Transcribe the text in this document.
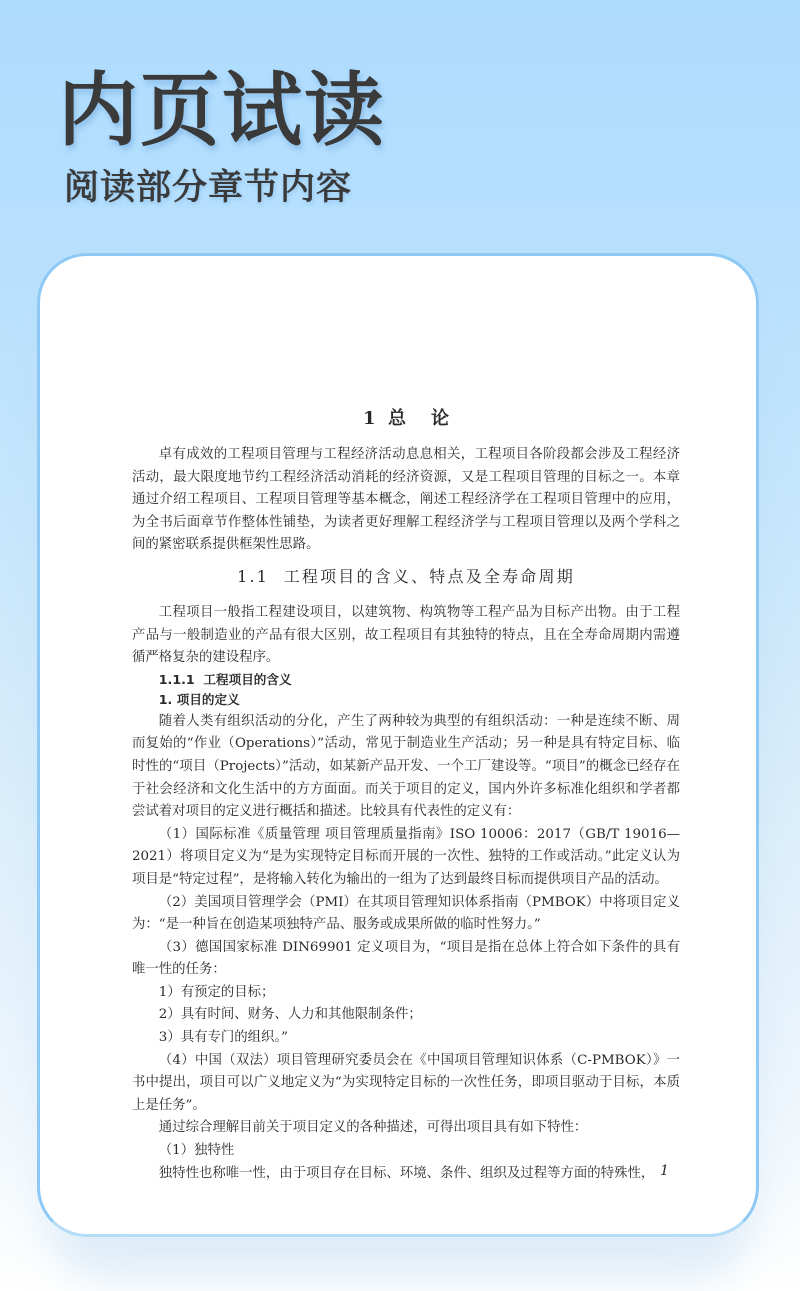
内页试读
阅读部分章节内容
1  总    论

卓有成效的工程项目管理与工程经济活动息息相关，工程项目各阶段都会涉及工程经济活动，最大限度地节约工程经济活动消耗的经济资源，又是工程项目管理的目标之一。本章通过介绍工程项目、工程项目管理等基本概念，阐述工程经济学在工程项目管理中的应用，为全书后面章节作整体性铺垫，为读者更好理解工程经济学与工程项目管理以及两个学科之间的紧密联系提供框架性思路。

1.1  工程项目的含义、特点及全寿命周期

工程项目一般指工程建设项目，以建筑物、构筑物等工程产品为目标产出物。由于工程产品与一般制造业的产品有很大区别，故工程项目有其独特的特点，且在全寿命周期内需遵循严格复杂的建设程序。

1.1.1  工程项目的含义
1. 项目的定义

随着人类有组织活动的分化，产生了两种较为典型的有组织活动：一种是连续不断、周而复始的“作业（Operations）”活动，常见于制造业生产活动；另一种是具有特定目标、临时性的“项目（Projects）”活动，如某新产品开发、一个工厂建设等。“项目”的概念已经存在于社会经济和文化生活中的方方面面。而关于项目的定义，国内外许多标准化组织和学者都尝试着对项目的定义进行概括和描述。比较具有代表性的定义有：

（1）国际标准《质量管理 项目管理质量指南》ISO 10006：2017（GB/T 19016—2021）将项目定义为“是为实现特定目标而开展的一次性、独特的工作或活动。”此定义认为项目是“特定过程”，是将输入转化为输出的一组为了达到最终目标而提供项目产品的活动。

（2）美国项目管理学会（PMI）在其项目管理知识体系指南（PMBOK）中将项目定义为：“是一种旨在创造某项独特产品、服务或成果所做的临时性努力。”

（3）德国国家标准 DIN69901 定义项目为，“项目是指在总体上符合如下条件的具有唯一性的任务：

1）有预定的目标；

2）具有时间、财务、人力和其他限制条件；

3）具有专门的组织。”

（4）中国（双法）项目管理研究委员会在《中国项目管理知识体系（C-PMBOK）》一书中提出，项目可以广义地定义为“为实现特定目标的一次性任务，即项目驱动于目标，本质上是任务”。

通过综合理解目前关于项目定义的各种描述，可得出项目具有如下特性：

（1）独特性

独特性也称唯一性，由于项目存在目标、环境、条件、组织及过程等方面的特殊性， 1
